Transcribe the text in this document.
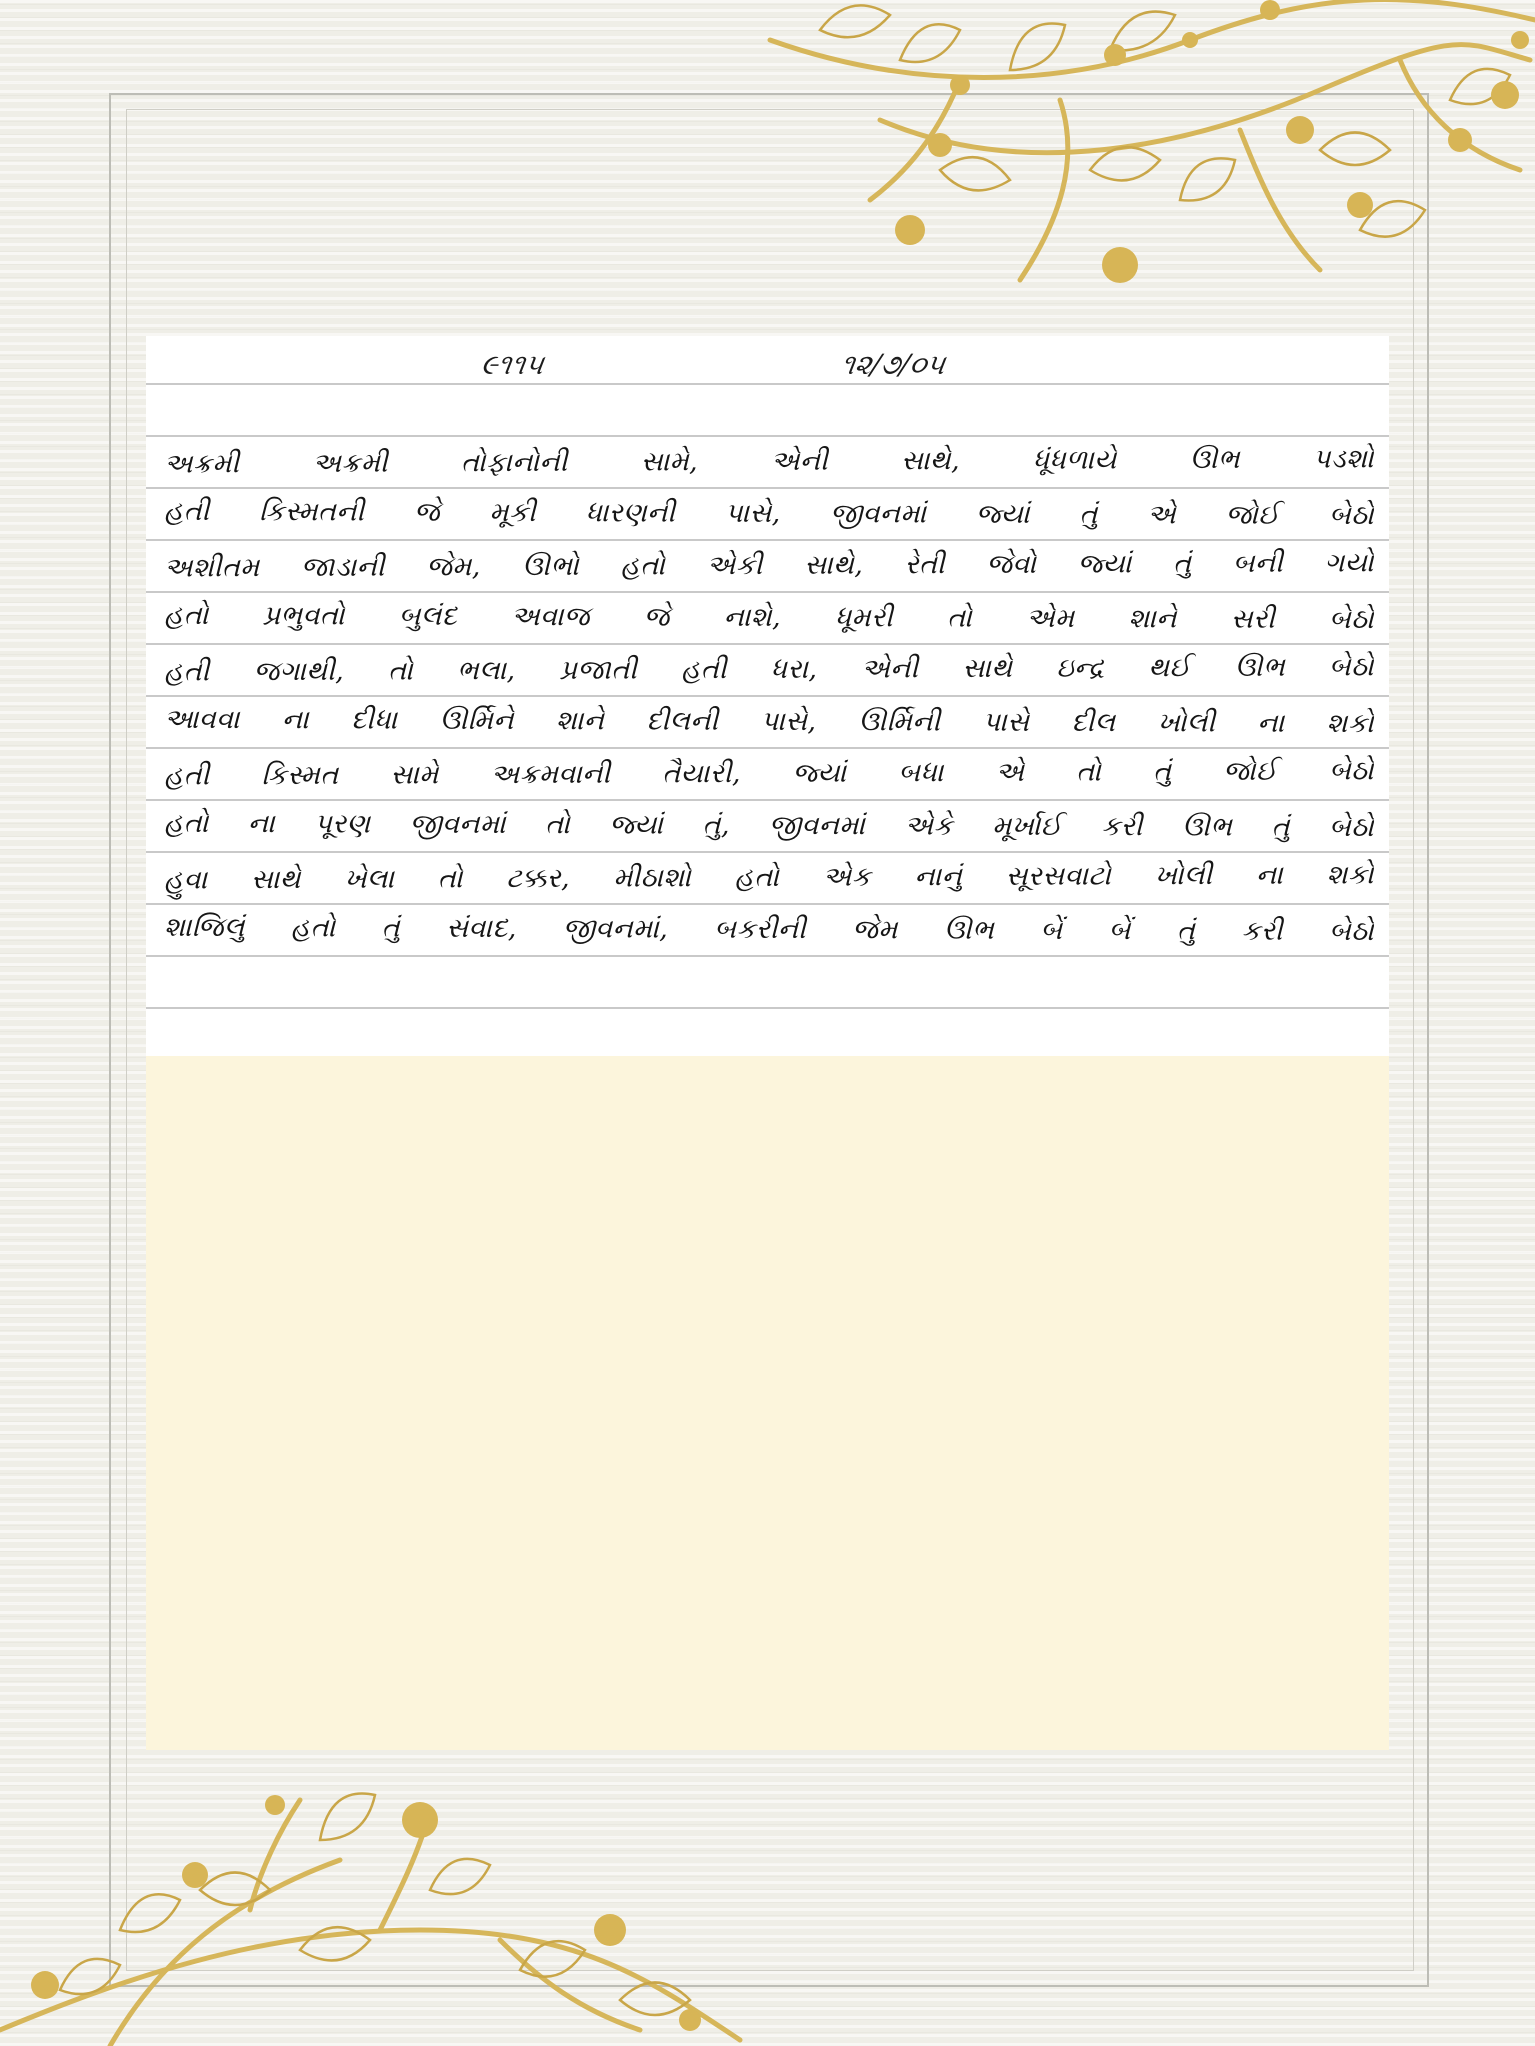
૯૧૧૫	૧૨/૭/૦૫
અક્રમી અક્રમી તોફાનોની સામે, એની સાથે, ધૂંધળાયે ઊભ પડશો
હતી કિસ્મતની જે મૂકી ધારણની પાસે, જીવનમાં જ્યાં તું એ જોઈ બેઠો
અશીતમ જાડાની જેમ, ઊભો હતો એકી સાથે, રેતી જેવો જ્યાં તું બની ગયો
હતો પ્રભુવતો બુલંદ અવાજ જે નાશે, ધૂમરી તો એમ શાને સરી બેઠો
હતી જગાથી, તો ભલા, પ્રજાતી હતી ધરા, એની સાથે ઇન્દ્ર થઈ ઊભ બેઠો
આવવા ના દીધા ઊર્મિને શાને દીલની પાસે, ઊર્મિની પાસે દીલ ખોલી ના શકો
હતી કિસ્મત સામે અક્રમવાની તૈયારી, જ્યાં બધા એ તો તું જોઈ બેઠો
હતો ના પૂરણ જીવનમાં તો જ્યાં તું, જીવનમાં એકે મૂર્ખાઈ કરી ઊભ તું બેઠો
હુવા સાથે ખેલા તો ટક્કર, મીઠાશો હતો એક નાનું સૂરસવાટો ખોલી ના શકો
શાજિલું હતો તું સંવાદ, જીવનમાં, બકરીની જેમ ઊભ બેં બેં તું કરી બેઠો
